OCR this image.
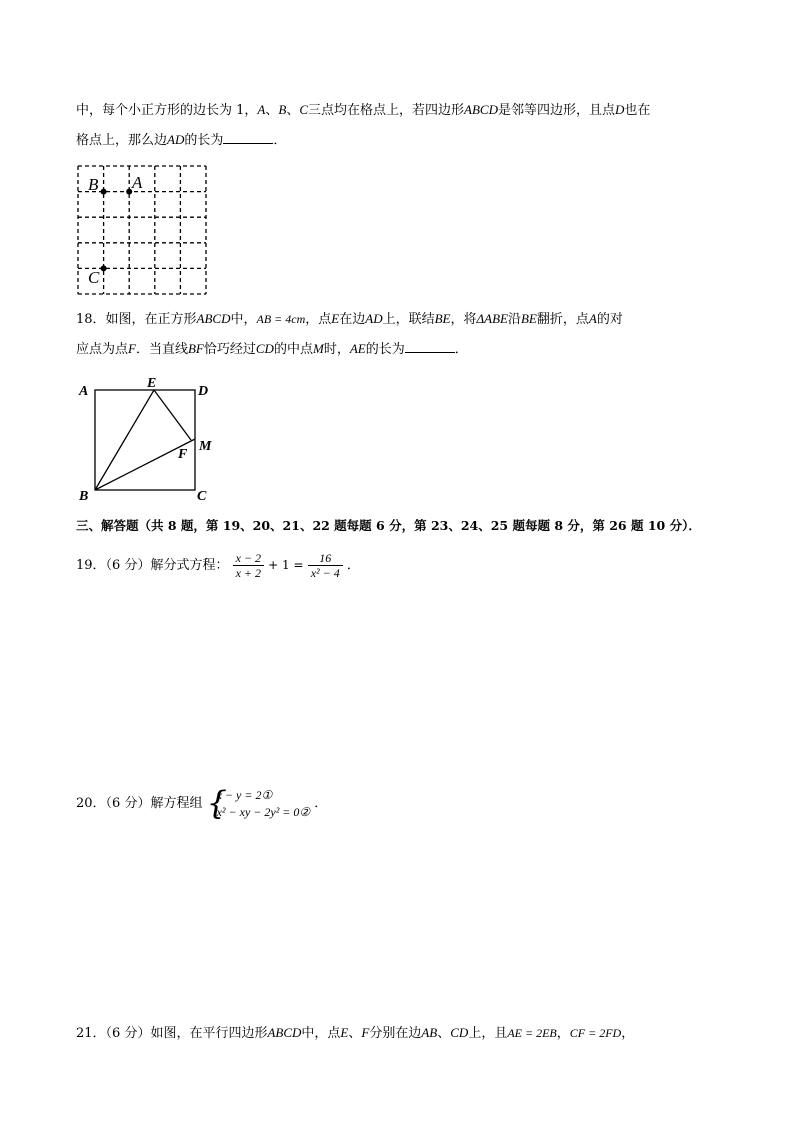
中，每个小正方形的边长为 1，A、B、C三点均在格点上，若四边形ABCD是邻等四边形，且点D也在
格点上，那么边AD的长为	．
B A
C
18．如图，在正方形ABCD中，AB = 4cm，点E在边AD上，联结BE，将ΔABE沿BE翻折，点A的对
应点为点F．当直线BF恰巧经过CD的中点M时，AE的长为	．
A
E
D
M
F
B	C
三、解答题（共 8 题，第 19、20、21、22 题每题 6 分，第 23、24、25 题每题 8 分，第 26 题 10 分）．
19．（6 分）解分式方程： $\frac{x - 2}{x + 2} + 1 = \frac{16}{\text{x² − 4}}$ ．
20．（6 分）解方程组 {
x − y = 2①
x² − xy − 2y² = 0②
．
21．（6 分）如图，在平行四边形ABCD中，点E、F分别在边AB、CD上，且AE = 2EB，CF = 2FD，
